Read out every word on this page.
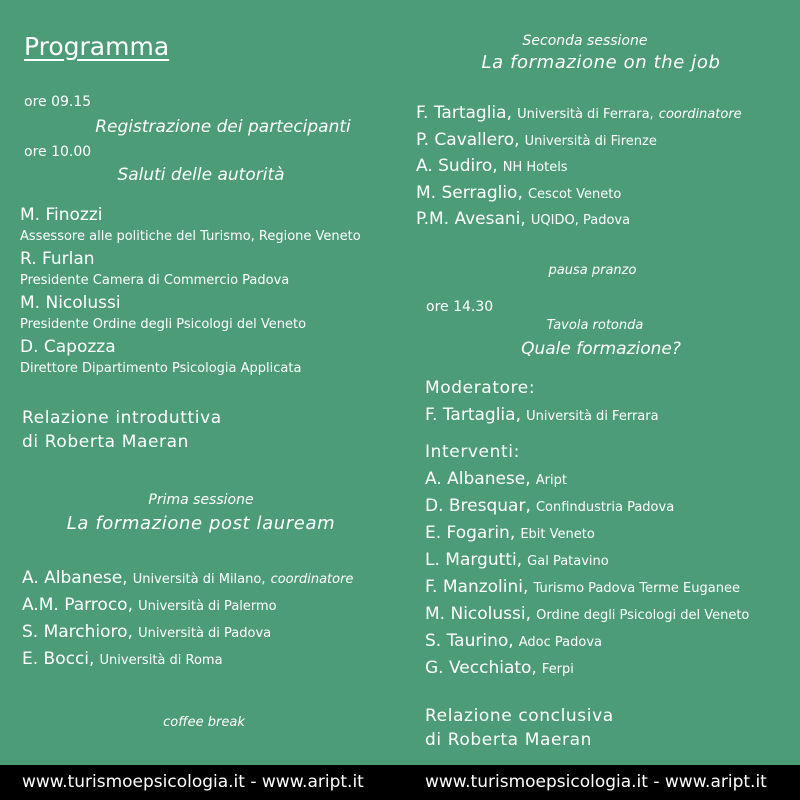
Programma
ore 09.15
Registrazione dei partecipanti
ore 10.00
Saluti delle autorità
M. Finozzi
Assessore alle politiche del Turismo, Regione Veneto
R. Furlan
Presidente Camera di Commercio Padova
M. Nicolussi
Presidente Ordine degli Psicologi del Veneto
D. Capozza
Direttore Dipartimento Psicologia Applicata
Relazione introduttiva
di Roberta Maeran
Prima sessione
La formazione post lauream
A. Albanese, Università di Milano, coordinatore
A.M. Parroco, Università di Palermo
S. Marchioro, Università di Padova
E. Bocci, Università di Roma
coffee break
Seconda sessione
La formazione on the job
F. Tartaglia, Università di Ferrara, coordinatore
P. Cavallero, Università di Firenze
A. Sudiro, NH Hotels
M. Serraglio, Cescot Veneto
P.M. Avesani, UQIDO, Padova
pausa pranzo
ore 14.30
Tavola rotonda
Quale formazione?
Moderatore:
F. Tartaglia, Università di Ferrara
Interventi:
A. Albanese, Aript
D. Bresquar, Confindustria Padova
E. Fogarin, Ebit Veneto
L. Margutti, Gal Patavino
F. Manzolini, Turismo Padova Terme Euganee
M. Nicolussi, Ordine degli Psicologi del Veneto
S. Taurino, Adoc Padova
G. Vecchiato, Ferpi
Relazione conclusiva
di Roberta Maeran
www.turismoepsicologia.it - www.aript.it	www.turismoepsicologia.it - www.aript.it
